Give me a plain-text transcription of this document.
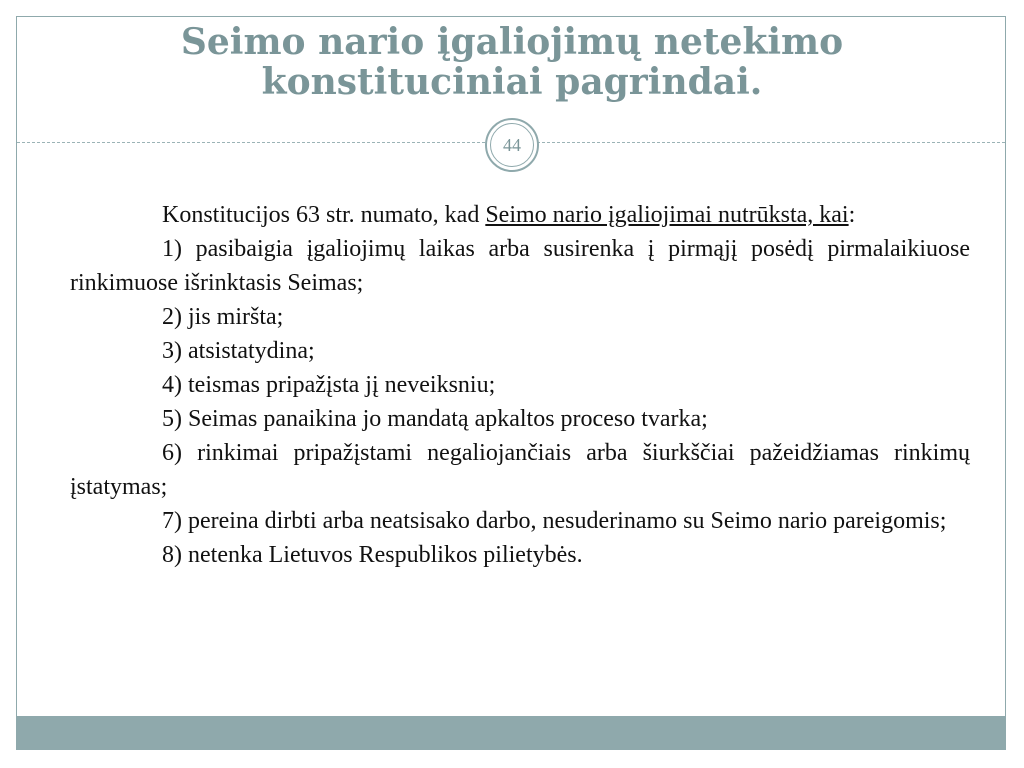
Seimo nario įgaliojimų netekimo
konstituciniai pagrindai.
44

Konstitucijos 63 str. numato, kad Seimo nario įgaliojimai nutrūksta, kai:

1) pasibaigia įgaliojimų laikas arba susirenka į pirmąjį posėdį pirmalaikiuose rinkimuose išrinktasis Seimas;

2) jis miršta;

3) atsistatydina;

4) teismas pripažįsta jį neveiksniu;

5) Seimas panaikina jo mandatą apkaltos proceso tvarka;

6) rinkimai pripažįstami negaliojančiais arba šiurkščiai pažeidžiamas rinkimų įstatymas;

7) pereina dirbti arba neatsisako darbo, nesuderinamo su Seimo nario pareigomis;

8) netenka Lietuvos Respublikos pilietybės.
